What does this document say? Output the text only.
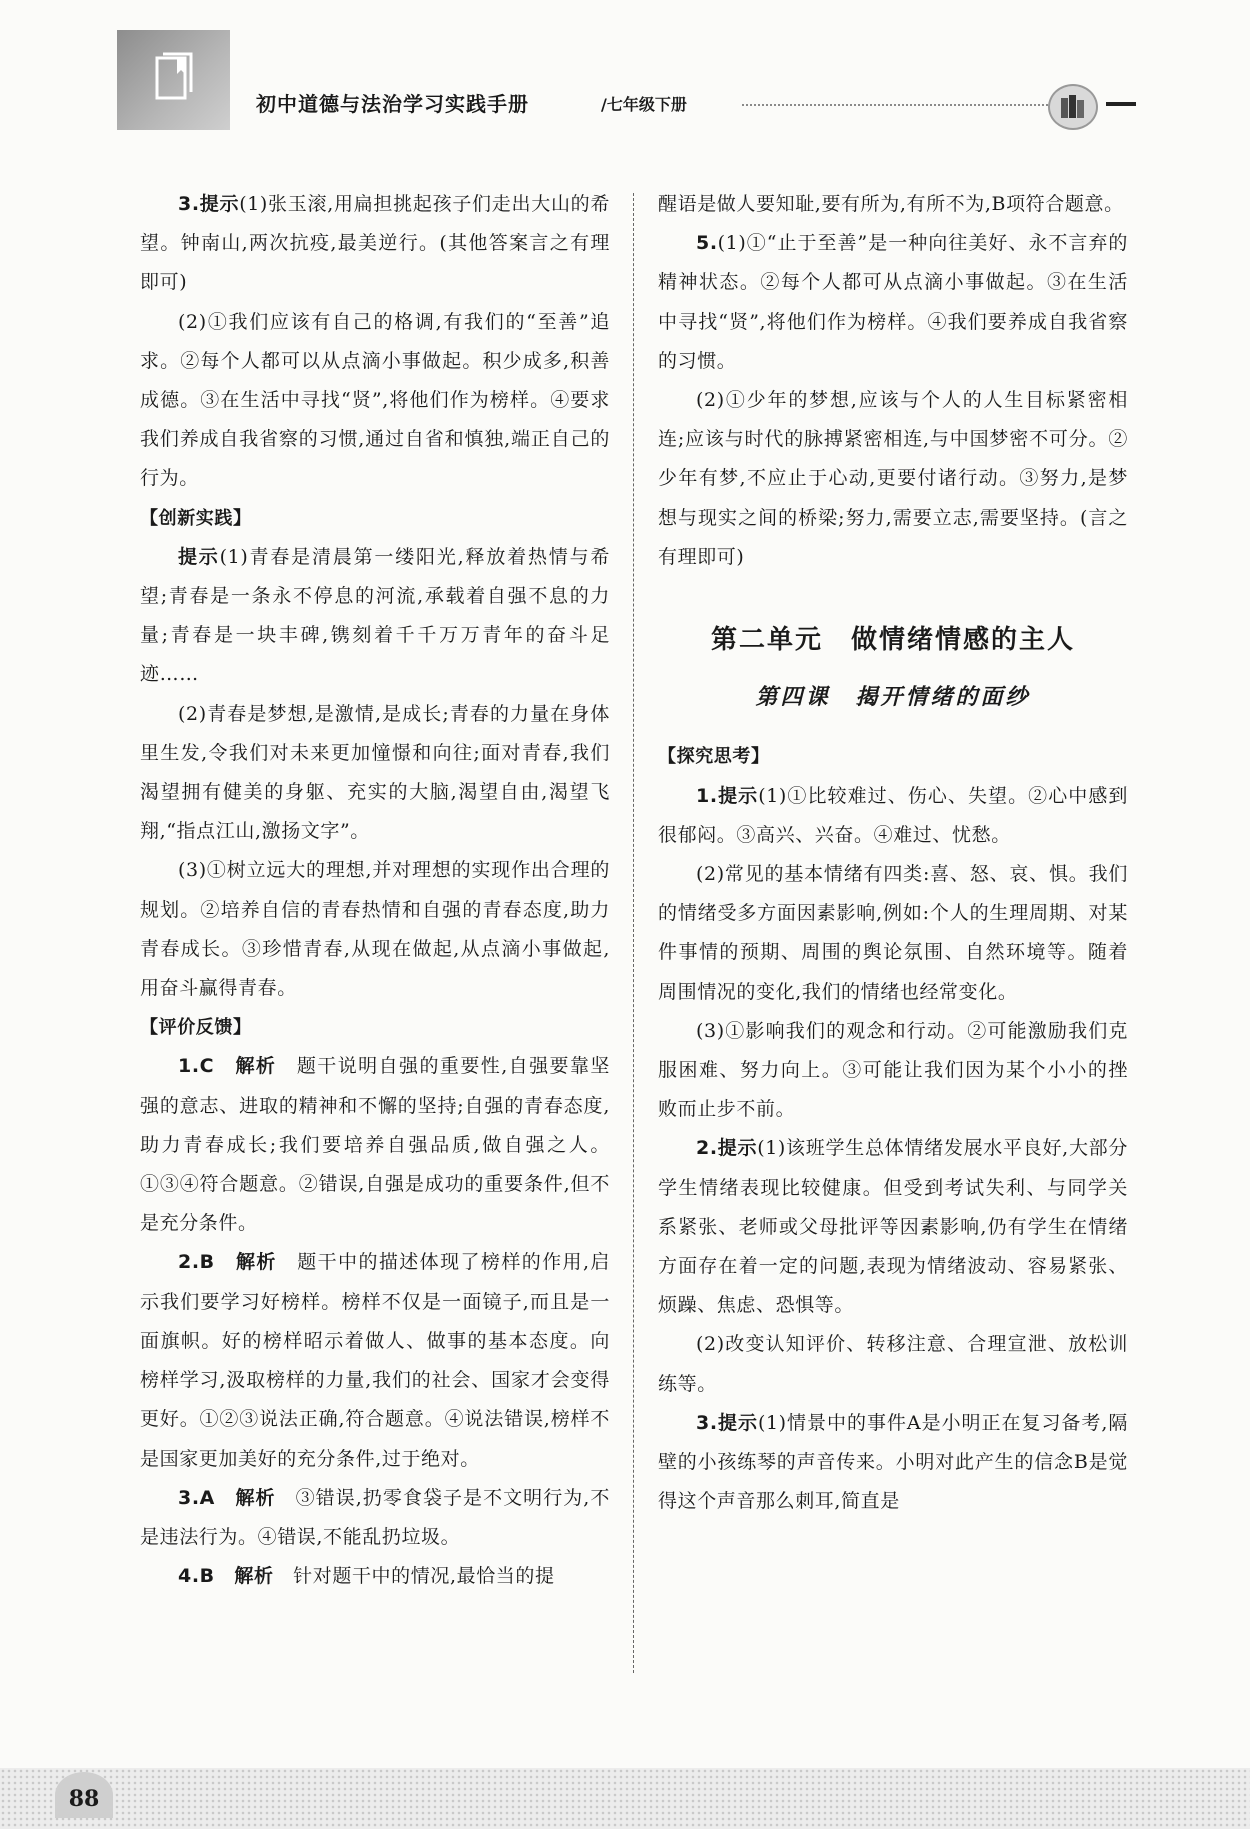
初中道德与法治学习实践手册	/七年级下册

3.提示(1)张玉滚,用扁担挑起孩子们走出大山的希望。钟南山,两次抗疫,最美逆行。(其他答案言之有理即可)

(2)①我们应该有自己的格调,有我们的“至善”追求。②每个人都可以从点滴小事做起。积少成多,积善成德。③在生活中寻找“贤”,将他们作为榜样。④要求我们养成自我省察的习惯,通过自省和慎独,端正自己的行为。

【创新实践】

提示(1)青春是清晨第一缕阳光,释放着热情与希望;青春是一条永不停息的河流,承载着自强不息的力量;青春是一块丰碑,镌刻着千千万万青年的奋斗足迹……

(2)青春是梦想,是激情,是成长;青春的力量在身体里生发,令我们对未来更加憧憬和向往;面对青春,我们渴望拥有健美的身躯、充实的大脑,渴望自由,渴望飞翔,“指点江山,激扬文字”。

(3)①树立远大的理想,并对理想的实现作出合理的规划。②培养自信的青春热情和自强的青春态度,助力青春成长。③珍惜青春,从现在做起,从点滴小事做起,用奋斗赢得青春。

【评价反馈】

1.C　 解析　 题干说明自强的重要性,自强要靠坚强的意志、进取的精神和不懈的坚持;自强的青春态度,助力青春成长;我们要培养自强品质,做自强之人。①③④符合题意。②错误,自强是成功的重要条件,但不是充分条件。

2.B　 解析　 题干中的描述体现了榜样的作用,启示我们要学习好榜样。榜样不仅是一面镜子,而且是一面旗帜。好的榜样昭示着做人、做事的基本态度。向榜样学习,汲取榜样的力量,我们的社会、国家才会变得更好。①②③说法正确,符合题意。④说法错误,榜样不是国家更加美好的充分条件,过于绝对。

3.A　 解析　 ③错误,扔零食袋子是不文明行为,不是违法行为。④错误,不能乱扔垃圾。

4.B　 解析　 针对题干中的情况,最恰当的提

醒语是做人要知耻,要有所为,有所不为,B项符合题意。

5.(1)①“止于至善”是一种向往美好、永不言弃的精神状态。②每个人都可从点滴小事做起。③在生活中寻找“贤”,将他们作为榜样。④我们要养成自我省察的习惯。

(2)①少年的梦想,应该与个人的人生目标紧密相连;应该与时代的脉搏紧密相连,与中国梦密不可分。②少年有梦,不应止于心动,更要付诸行动。③努力,是梦想与现实之间的桥梁;努力,需要立志,需要坚持。(言之有理即可)

第二单元　做情绪情感的主人
第四课　揭开情绪的面纱

【探究思考】

1.提示(1)①比较难过、伤心、失望。②心中感到很郁闷。③高兴、兴奋。④难过、忧愁。

(2)常见的基本情绪有四类:喜、怒、哀、惧。我们的情绪受多方面因素影响,例如:个人的生理周期、对某件事情的预期、周围的舆论氛围、自然环境等。随着周围情况的变化,我们的情绪也经常变化。

(3)①影响我们的观念和行动。②可能激励我们克服困难、努力向上。③可能让我们因为某个小小的挫败而止步不前。

2.提示(1)该班学生总体情绪发展水平良好,大部分学生情绪表现比较健康。但受到考试失利、与同学关系紧张、老师或父母批评等因素影响,仍有学生在情绪方面存在着一定的问题,表现为情绪波动、容易紧张、烦躁、焦虑、恐惧等。

(2)改变认知评价、转移注意、合理宣泄、放松训练等。

3.提示(1)情景中的事件A是小明正在复习备考,隔壁的小孩练琴的声音传来。小明对此产生的信念B是觉得这个声音那么刺耳,简直是

88
